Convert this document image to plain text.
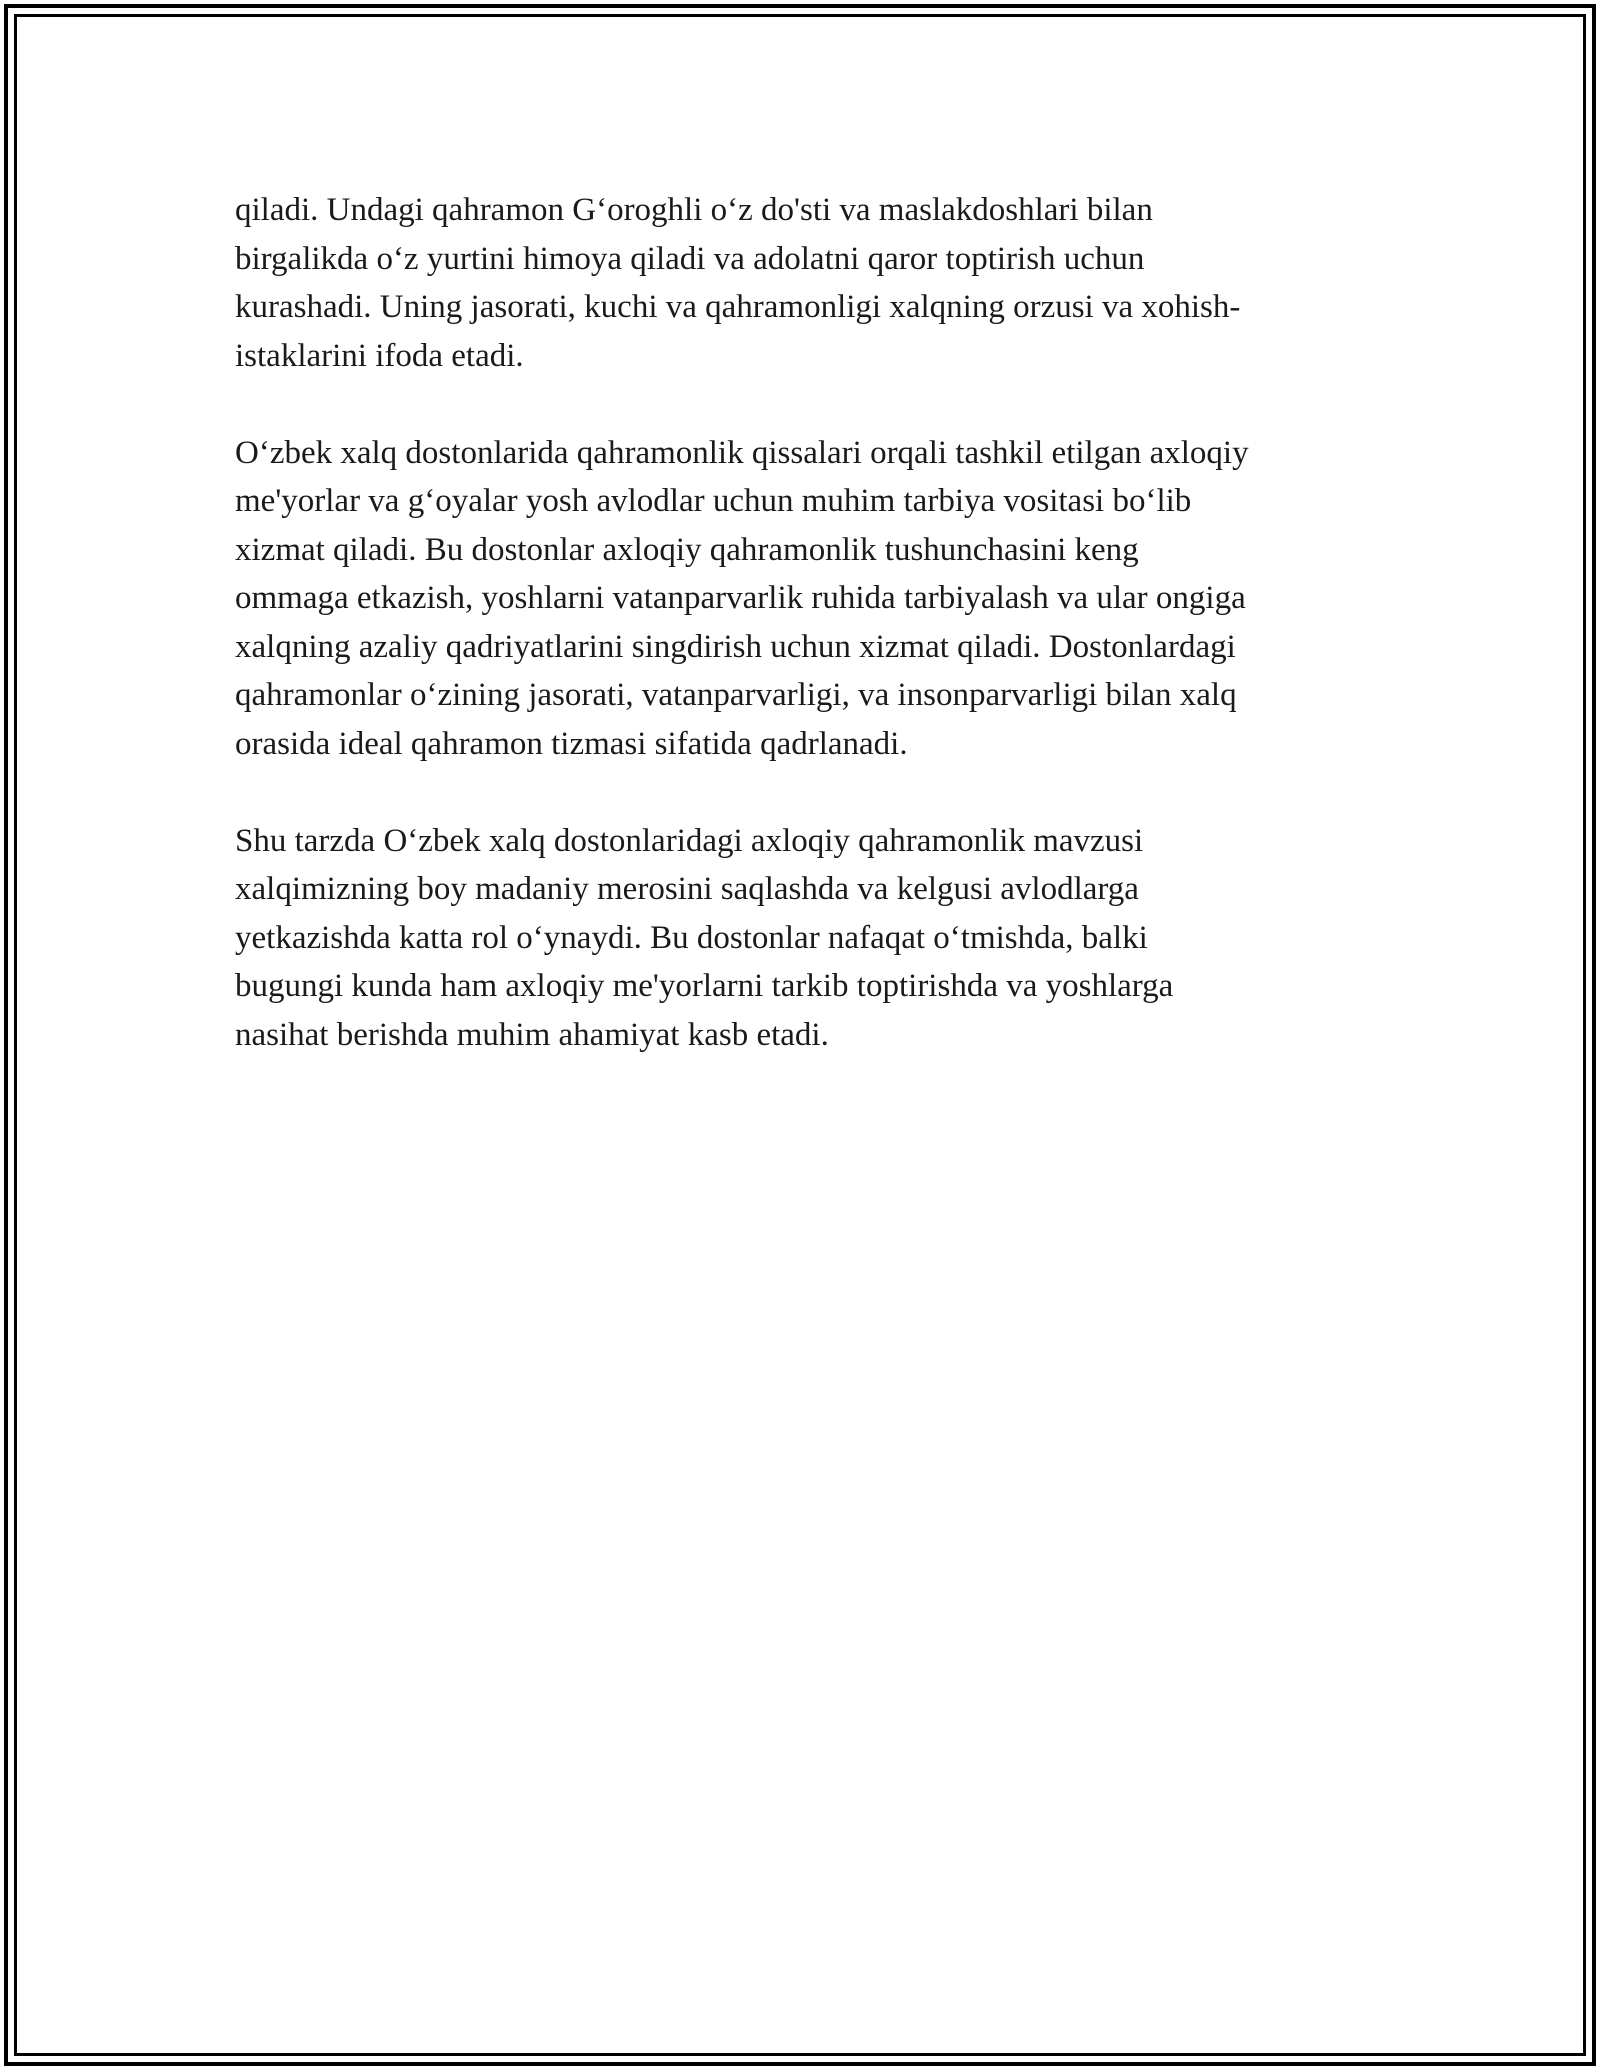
qiladi. Undagi qahramon G‘oroghli o‘z do'sti va maslakdoshlari bilan
birgalikda o‘z yurtini himoya qiladi va adolatni qaror toptirish uchun
kurashadi. Uning jasorati, kuchi va qahramonligi xalqning orzusi va xohish-
istaklarini ifoda etadi.

O‘zbek xalq dostonlarida qahramonlik qissalari orqali tashkil etilgan axloqiy
me'yorlar va g‘oyalar yosh avlodlar uchun muhim tarbiya vositasi bo‘lib
xizmat qiladi. Bu dostonlar axloqiy qahramonlik tushunchasini keng
ommaga etkazish, yoshlarni vatanparvarlik ruhida tarbiyalash va ular ongiga
xalqning azaliy qadriyatlarini singdirish uchun xizmat qiladi. Dostonlardagi
qahramonlar o‘zining jasorati, vatanparvarligi, va insonparvarligi bilan xalq
orasida ideal qahramon tizmasi sifatida qadrlanadi.

Shu tarzda O‘zbek xalq dostonlaridagi axloqiy qahramonlik mavzusi
xalqimizning boy madaniy merosini saqlashda va kelgusi avlodlarga
yetkazishda katta rol o‘ynaydi. Bu dostonlar nafaqat o‘tmishda, balki
bugungi kunda ham axloqiy me'yorlarni tarkib toptirishda va yoshlarga
nasihat berishda muhim ahamiyat kasb etadi.
